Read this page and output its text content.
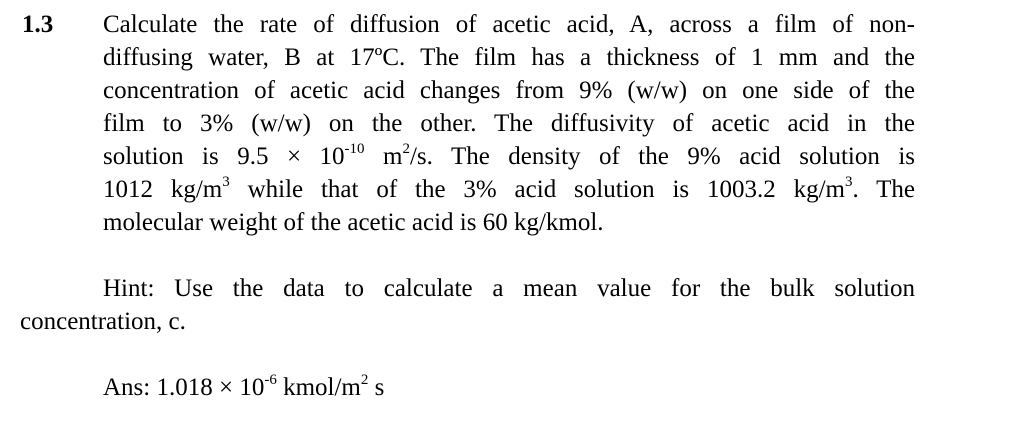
1.3 Calculate the rate of diffusion of acetic acid, A, across a film of non-
diffusing water, B at 17ºC. The film has a thickness of 1 mm and the
concentration of acetic acid changes from 9% (w/w) on one side of the
film to 3% (w/w) on the other. The diffusivity of acetic acid in the
solution is $9.5 \times 10^{-10}$ $m^2/s$. The density of the 9% acid solution is
1012 $kg/m^3$ while that of the 3% acid solution is 1003.2 $kg/m^3$. The
molecular weight of the acetic acid is 60 kg/kmol.
Hint: Use the data to calculate a mean value for the bulk solution
concentration, c.
Ans: $1.018 \times 10^{-6}$ kmol/$m^2$ s
